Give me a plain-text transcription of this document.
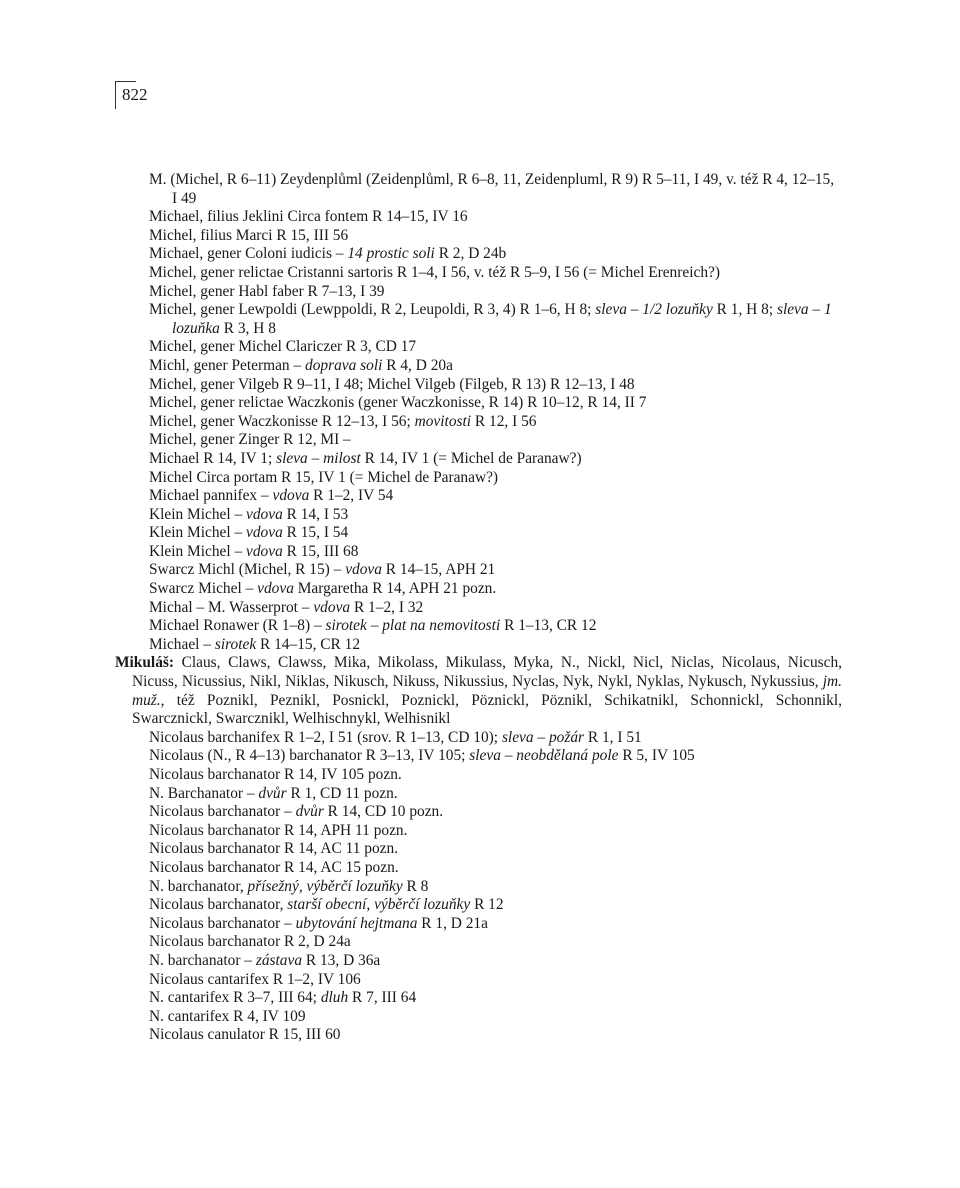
822

M. (Michel, R 6–11) Zeydenplůml (Zeidenplůml, R 6–8, 11, Zeidenpluml, R 9) R 5–11, I 49, v. též R 4, 12–15, I 49

Michael, filius Jeklini Circa fontem R 14–15, IV 16

Michel, filius Marci R 15, III 56

Michael, gener Coloni iudicis – 14 prostic soli R 2, D 24b

Michel, gener relictae Cristanni sartoris R 1–4, I 56, v. též R 5–9, I 56 (= Michel Erenreich?)

Michel, gener Habl faber R 7–13, I 39

Michel, gener Lewpoldi (Lewppoldi, R 2, Leupoldi, R 3, 4) R 1–6, H 8; sleva – 1/2 lozuňky R 1, H 8; sleva – 1 lozuňka R 3, H 8

Michel, gener Michel Clariczer R 3, CD 17

Michl, gener Peterman – doprava soli R 4, D 20a

Michel, gener Vilgeb R 9–11, I 48; Michel Vilgeb (Filgeb, R 13) R 12–13, I 48

Michel, gener relictae Waczkonis (gener Waczkonisse, R 14) R 10–12, R 14, II 7

Michel, gener Waczkonisse R 12–13, I 56; movitosti R 12, I 56

Michel, gener Zinger R 12, MI –

Michael R 14, IV 1; sleva – milost R 14, IV 1 (= Michel de Paranaw?)

Michel Circa portam R 15, IV 1 (= Michel de Paranaw?)

Michael pannifex – vdova R 1–2, IV 54

Klein Michel – vdova R 14, I 53

Klein Michel – vdova R 15, I 54

Klein Michel – vdova R 15, III 68

Swarcz Michl (Michel, R 15) – vdova R 14–15, APH 21

Swarcz Michel – vdova Margaretha R 14, APH 21 pozn.

Michal – M. Wasserprot – vdova R 1–2, I 32

Michael Ronawer (R 1–8) – sirotek – plat na nemovitosti R 1–13, CR 12

Michael – sirotek R 14–15, CR 12

Mikuláš: Claus, Claws, Clawss, Mika, Mikolass, Mikulass, Myka, N., Nickl, Nicl, Niclas, Nicolaus, Nicusch, Nicuss, Nicussius, Nikl, Niklas, Nikusch, Nikuss, Nikussius, Nyclas, Nyk, Nykl, Nyklas, Nykusch, Nykussius, jm. muž., též Poznikl, Peznikl, Posnickl, Poznickl, Pöznickl, Pöznikl, Schikatnikl, Schonnickl, Schonnikl, Swarcznickl, Swarcznikl, Welhischnykl, Welhisnikl

Nicolaus barchanifex R 1–2, I 51 (srov. R 1–13, CD 10); sleva – požár R 1, I 51

Nicolaus (N., R 4–13) barchanator R 3–13, IV 105; sleva – neobdělaná pole R 5, IV 105

Nicolaus barchanator R 14, IV 105 pozn.

N. Barchanator – dvůr R 1, CD 11 pozn.

Nicolaus barchanator – dvůr R 14, CD 10 pozn.

Nicolaus barchanator R 14, APH 11 pozn.

Nicolaus barchanator R 14, AC 11 pozn.

Nicolaus barchanator R 14, AC 15 pozn.

N. barchanator, přísežný, výběrčí lozuňky R 8

Nicolaus barchanator, starší obecní, výběrčí lozuňky R 12

Nicolaus barchanator – ubytování hejtmana R 1, D 21a

Nicolaus barchanator R 2, D 24a

N. barchanator – zástava R 13, D 36a

Nicolaus cantarifex R 1–2, IV 106

N. cantarifex R 3–7, III 64; dluh R 7, III 64

N. cantarifex R 4, IV 109

Nicolaus canulator R 15, III 60
